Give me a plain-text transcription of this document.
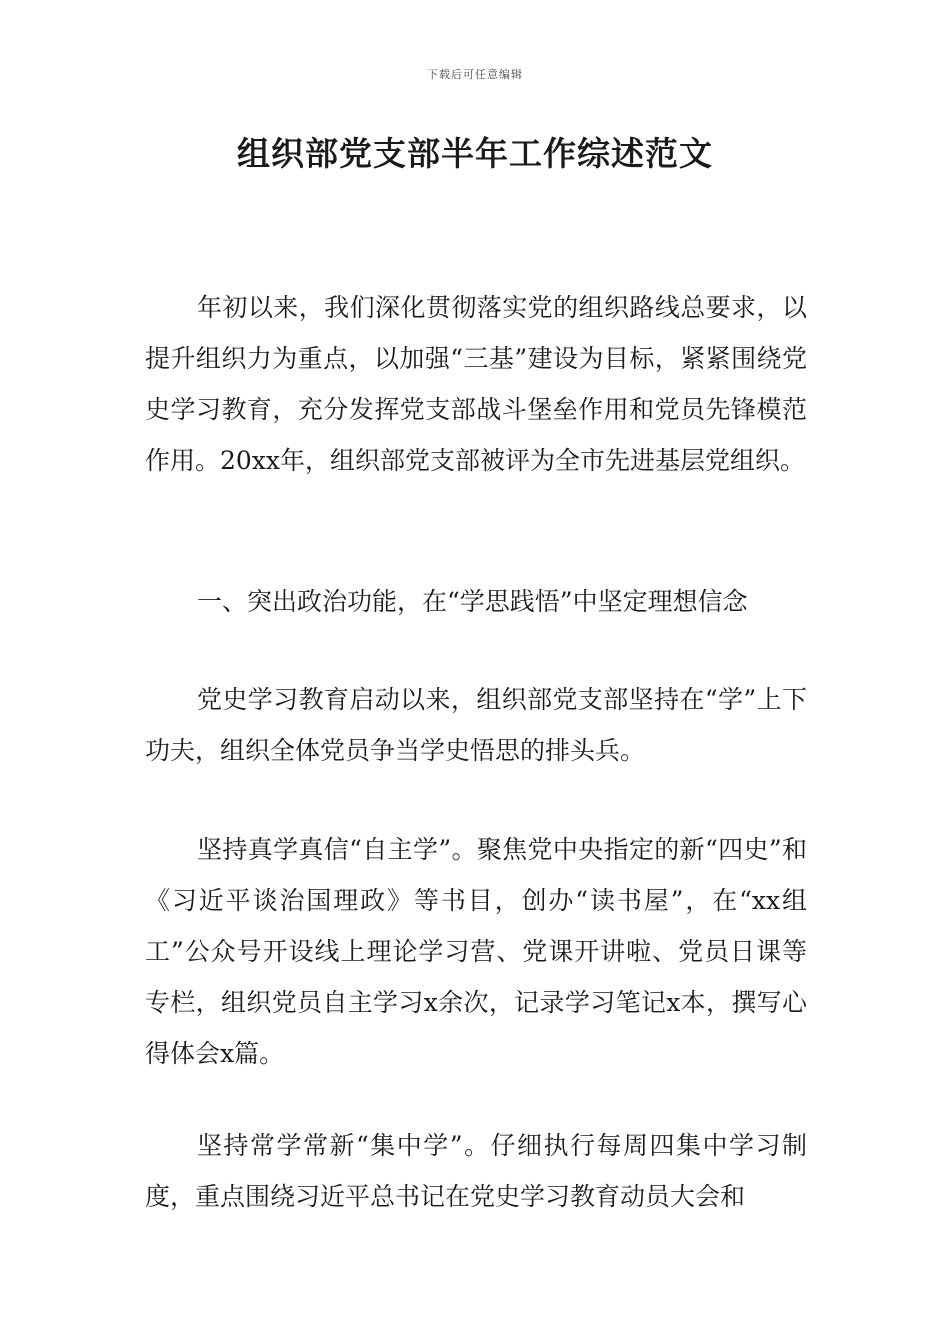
下载后可任意编辑
组织部党支部半年工作综述范文

年初以来，我们深化贯彻落实党的组织路线总要求，以提升组织力为重点，以加强“三基”建设为目标，紧紧围绕党史学习教育，充分发挥党支部战斗堡垒作用和党员先锋模范作用。20xx年，组织部党支部被评为全市先进基层党组织。

一、突出政治功能，在“学思践悟”中坚定理想信念

党史学习教育启动以来，组织部党支部坚持在“学”上下功夫，组织全体党员争当学史悟思的排头兵。

坚持真学真信“自主学”。聚焦党中央指定的新“四史”和《习近平谈治国理政》等书目，创办“读书屋”，在“xx组工”公众号开设线上理论学习营、党课开讲啦、党员日课等专栏，组织党员自主学习x余次，记录学习笔记x本，撰写心得体会x篇。

坚持常学常新“集中学”。仔细执行每周四集中学习制度，重点围绕习近平总书记在党史学习教育动员大会和
